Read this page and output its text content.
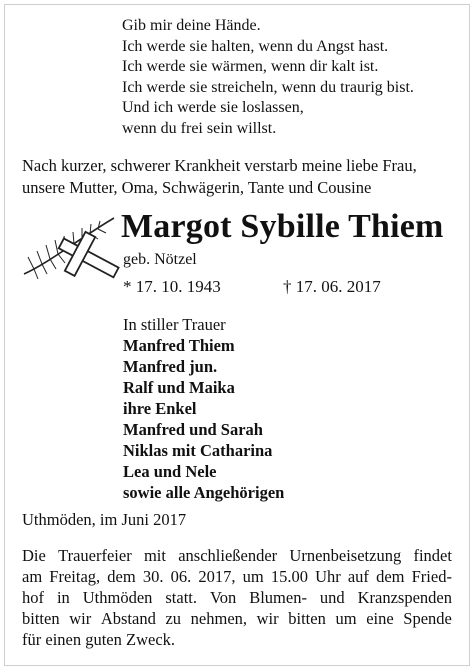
Gib mir deine Hände.
Ich werde sie halten, wenn du Angst hast.
Ich werde sie wärmen, wenn dir kalt ist.
Ich werde sie streicheln, wenn du traurig bist.
Und ich werde sie loslassen,
wenn du frei sein willst.
Nach kurzer, schwerer Krankheit verstarb meine liebe Frau,
unsere Mutter, Oma, Schwägerin, Tante und Cousine
Margot Sybille Thiem
geb. Nötzel
* 17. 10. 1943	† 17. 06. 2017
In stiller Trauer
Manfred Thiem
Manfred jun.
Ralf und Maika
ihre Enkel
Manfred und Sarah
Niklas mit Catharina
Lea und Nele
sowie alle Angehörigen
Uthmöden, im Juni 2017
Die Trauerfeier mit anschließender Urnenbeisetzung findet
am Freitag, dem 30. 06. 2017, um 15.00 Uhr auf dem Fried-
hof in Uthmöden statt. Von Blumen- und Kranzspenden
bitten wir Abstand zu nehmen, wir bitten um eine Spende
für einen guten Zweck.
